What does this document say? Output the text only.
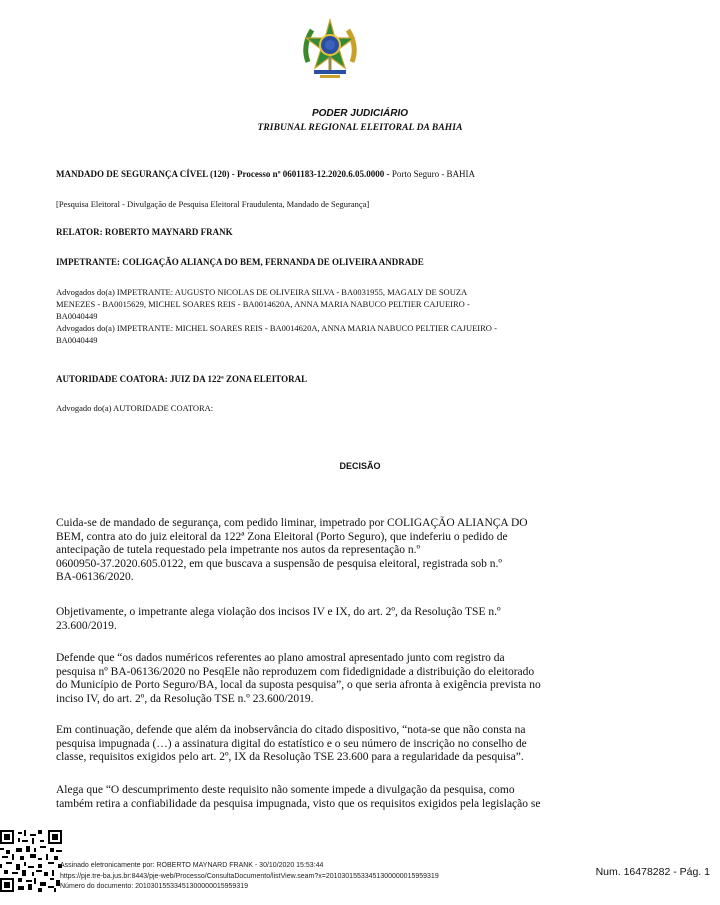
PODER JUDICIÁRIO
TRIBUNAL REGIONAL ELEITORAL DA BAHIA
MANDADO DE SEGURANÇA CÍVEL (120) - Processo nº 0601183-12.2020.6.05.0000 - Porto Seguro - BAHIA
[Pesquisa Eleitoral - Divulgação de Pesquisa Eleitoral Fraudulenta, Mandado de Segurança]
RELATOR: ROBERTO MAYNARD FRANK
IMPETRANTE: COLIGAÇÃO ALIANÇA DO BEM, FERNANDA DE OLIVEIRA ANDRADE
Advogados do(a) IMPETRANTE: AUGUSTO NICOLAS DE OLIVEIRA SILVA - BA0031955, MAGALY DE SOUZA
MENEZES - BA0015629, MICHEL SOARES REIS - BA0014620A, ANNA MARIA NABUCO PELTIER CAJUEIRO -
BA0040449
Advogados do(a) IMPETRANTE: MICHEL SOARES REIS - BA0014620A, ANNA MARIA NABUCO PELTIER CAJUEIRO -
BA0040449
AUTORIDADE COATORA: JUIZ DA 122ª ZONA ELEITORAL
Advogado do(a) AUTORIDADE COATORA:
DECISÃO
Cuida-se de mandado de segurança, com pedido liminar, impetrado por COLIGAÇÃO ALIANÇA DO
BEM, contra ato do juiz eleitoral da 122ª Zona Eleitoral (Porto Seguro), que indeferiu o pedido de
antecipação de tutela requestado pela impetrante nos autos da representação n.º
0600950-37.2020.605.0122, em que buscava a suspensão de pesquisa eleitoral, registrada sob n.º
BA-06136/2020.
Objetivamente, o impetrante alega violação dos incisos IV e IX, do art. 2º, da Resolução TSE n.º
23.600/2019.
Defende que “os dados numéricos referentes ao plano amostral apresentado junto com registro da
pesquisa nº BA-06136/2020 no PesqEle não reproduzem com fidedignidade a distribuição do eleitorado
do Município de Porto Seguro/BA, local da suposta pesquisa”, o que seria afronta à exigência prevista no
inciso IV, do art. 2º, da Resolução TSE n.º 23.600/2019.
Em continuação, defende que além da inobservância do citado dispositivo, “nota-se que não consta na
pesquisa impugnada (…) a assinatura digital do estatístico e o seu número de inscrição no conselho de
classe, requisitos exigidos pelo art. 2º, IX da Resolução TSE 23.600 para a regularidade da pesquisa”.
Alega que “O descumprimento deste requisito não somente impede a divulgação da pesquisa, como
também retira a confiabilidade da pesquisa impugnada, visto que os requisitos exigidos pela legislação se
Assinado eletronicamente por: ROBERTO MAYNARD FRANK - 30/10/2020 15:53:44
https://pje.tre-ba.jus.br:8443/pje-web/Processo/ConsultaDocumento/listView.seam?x=20103015533451300000015959319
Número do documento: 20103015533451300000015959319
Num. 16478282 - Pág. 1
